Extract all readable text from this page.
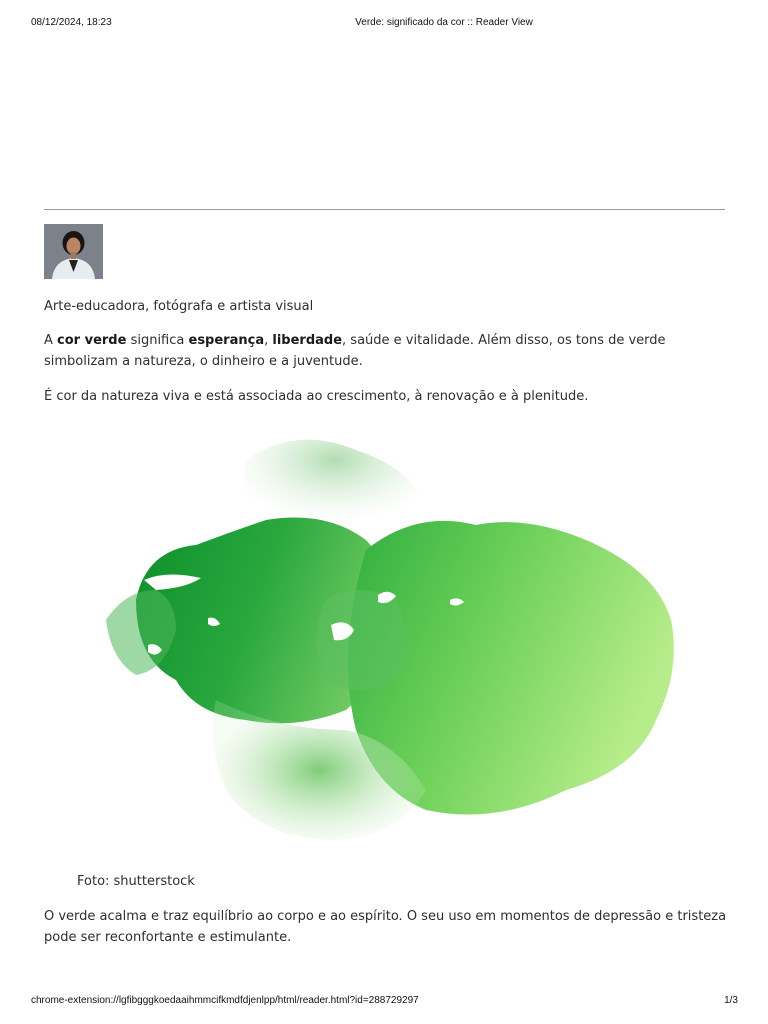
08/12/2024, 18:23	Verde: significado da cor :: Reader View

Arte-educadora, fotógrafa e artista visual

A cor verde significa esperança, liberdade, saúde e vitalidade. Além disso, os tons de verde simbolizam a natureza, o dinheiro e a juventude.

É cor da natureza viva e está associada ao crescimento, à renovação e à plenitude.

Foto: shutterstock

O verde acalma e traz equilíbrio ao corpo e ao espírito. O seu uso em momentos de depressão e tristeza pode ser reconfortante e estimulante.

chrome-extension://lgfibgggkoedaaihmmcifkmdfdjenlpp/html/reader.html?id=288729297	1/3
